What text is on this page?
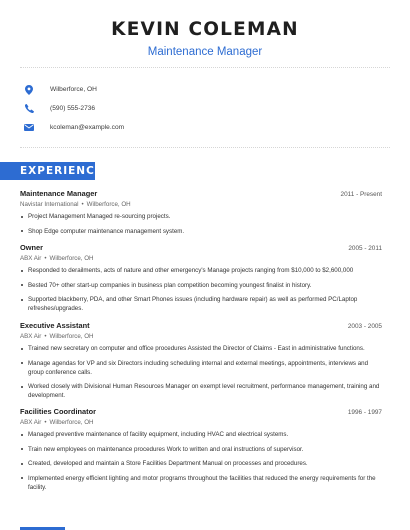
KEVIN COLEMAN
Maintenance Manager
Wilberforce, OH
(590) 555-2736
kcoleman@example.com
EXPERIENCE
Maintenance Manager	2011 - Present
Navistar International • Wilberforce, OH
Project Management Managed re-sourcing projects.
Shop Edge computer maintenance management system.
Owner	2005 - 2011
ABX Air • Wilberforce, OH
Responded to derailments, acts of nature and other emergency's Manage projects ranging from $10,000 to $2,600,000
Bested 70+ other start-up companies in business plan competition becoming youngest finalist in history.
Supported blackberry, PDA, and other Smart Phones issues (including hardware repair) as well as performed PC/Laptop refreshes/upgrades.
Executive Assistant	2003 - 2005
ABX Air • Wilberforce, OH
Trained new secretary on computer and office procedures Assisted the Director of Claims - East in administrative functions.
Manage agendas for VP and six Directors including scheduling internal and external meetings, appointments, interviews and group conference calls.
Worked closely with Divisional Human Resources Manager on exempt level recruitment, performance management, training and development.
Facilities Coordinator	1996 - 1997
ABX Air • Wilberforce, OH
Managed preventive maintenance of facility equipment, including HVAC and electrical systems.
Train new employees on maintenance procedures Work to written and oral instructions of supervisor.
Created, developed and maintain a Store Facilities Department Manual on processes and procedures.
Implemented energy efficient lighting and motor programs throughout the facilities that reduced the energy requirements for the facility.
